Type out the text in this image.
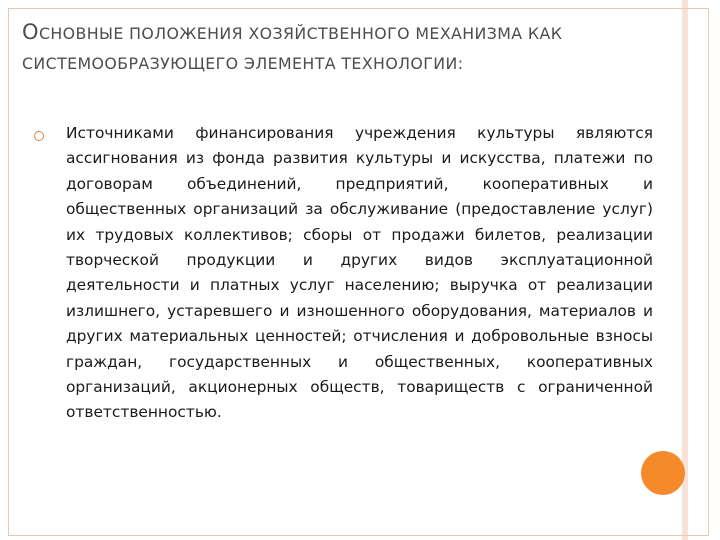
ОСНОВНЫЕ ПОЛОЖЕНИЯ ХОЗЯЙСТВЕННОГО МЕХАНИЗМА КАК СИСТЕМООБРАЗУЮЩЕГО ЭЛЕМЕНТА ТЕХНОЛОГИИ:

Источниками финансирования учреждения культуры являются ассигнования из фонда развития культуры и искусства, платежи по договорам объединений, предприятий, кооперативных и общественных организаций за обслуживание (предоставление услуг) их трудовых коллективов; сборы от продажи билетов, реализации творческой продукции и других видов эксплуатационной деятельности и платных услуг населению; выручка от реализации излишнего, устаревшего и изношенного оборудования, материалов и других материальных ценностей; отчисления и добровольные взносы граждан, государственных и общественных, кооперативных организаций, акционерных обществ, товариществ с ограниченной ответственностью.
